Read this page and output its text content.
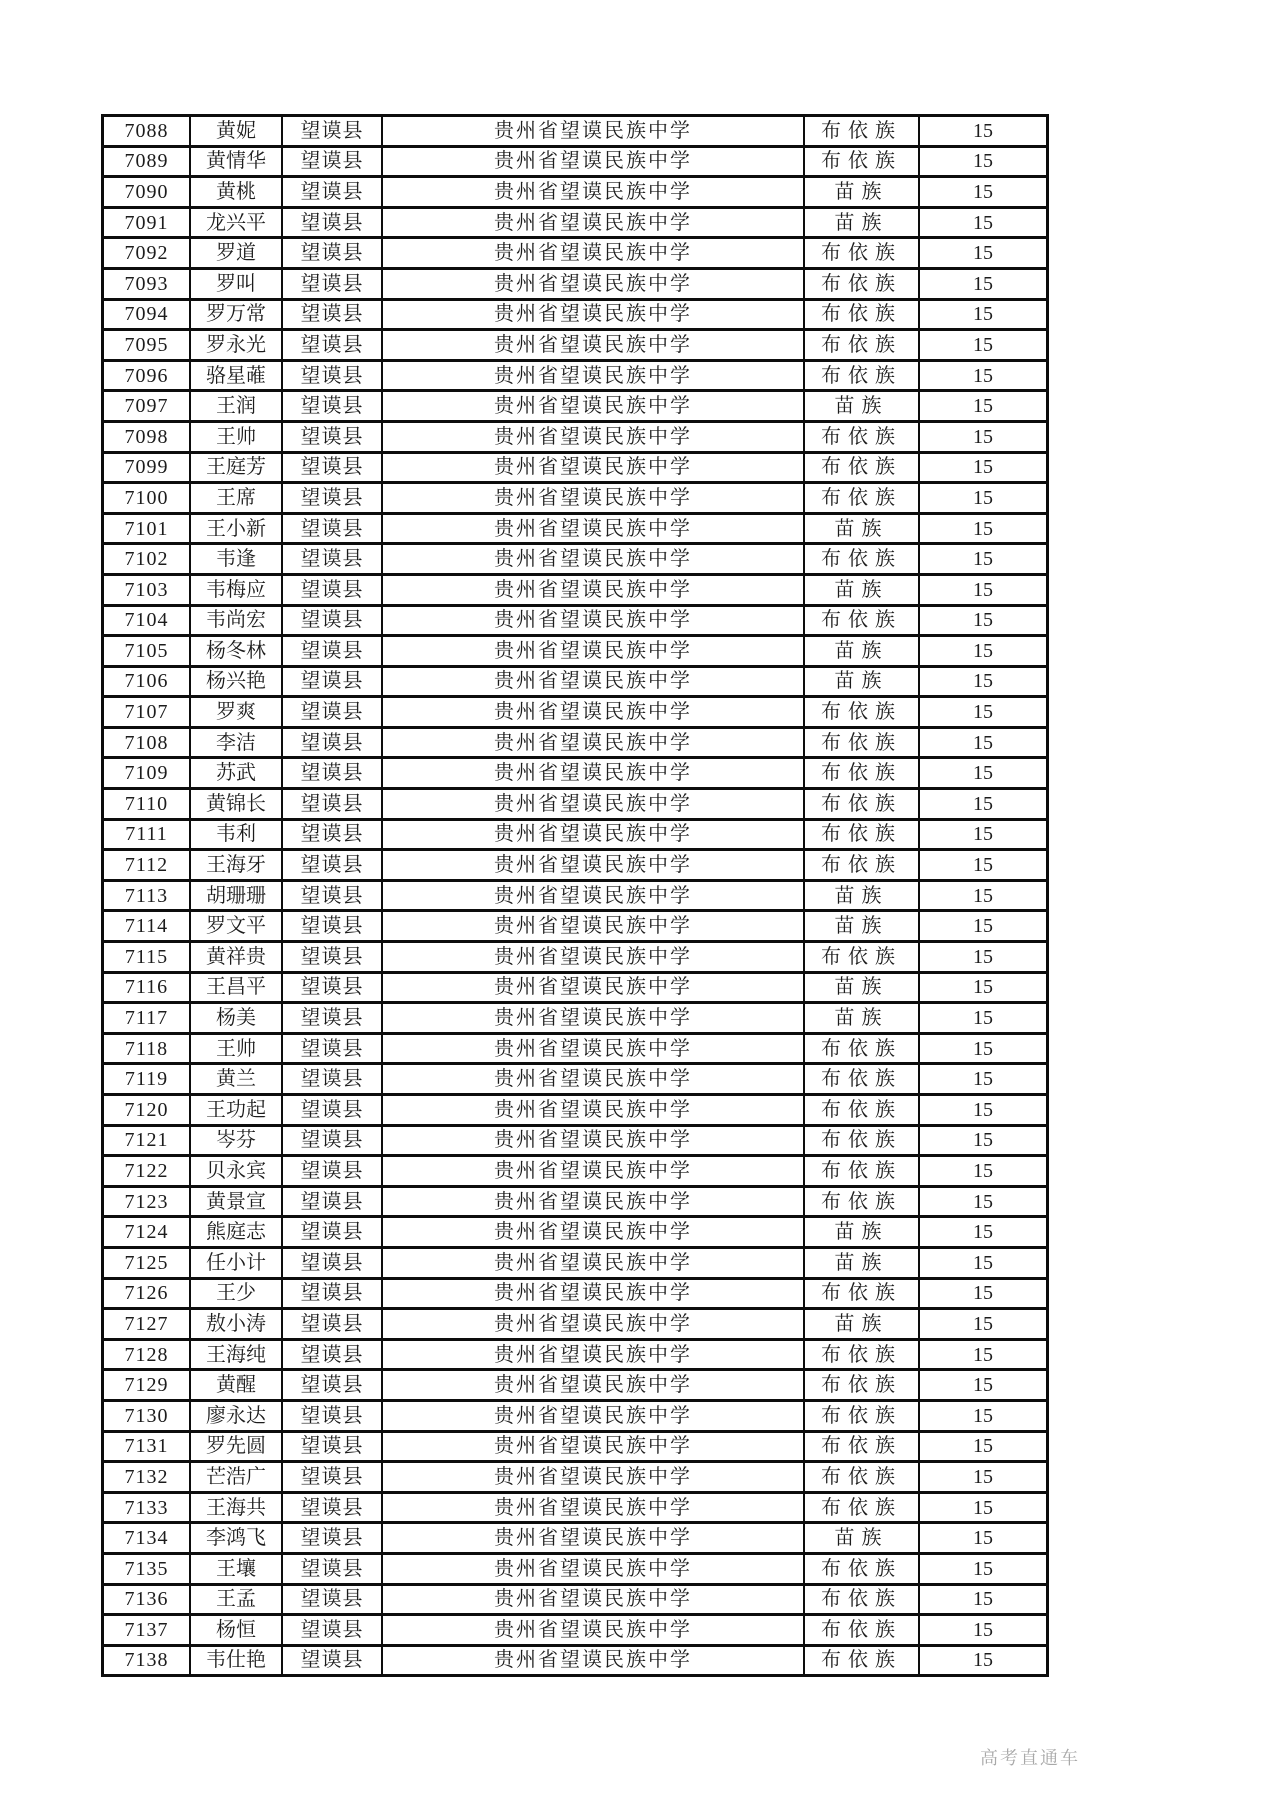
7088	黄妮	望谟县	贵州省望谟民族中学	布依族	15
7089	黄情华	望谟县	贵州省望谟民族中学	布依族	15
7090	黄桃	望谟县	贵州省望谟民族中学	苗族	15
7091	龙兴平	望谟县	贵州省望谟民族中学	苗族	15
7092	罗道	望谟县	贵州省望谟民族中学	布依族	15
7093	罗叫	望谟县	贵州省望谟民族中学	布依族	15
7094	罗万常	望谟县	贵州省望谟民族中学	布依族	15
7095	罗永光	望谟县	贵州省望谟民族中学	布依族	15
7096	骆星蓶	望谟县	贵州省望谟民族中学	布依族	15
7097	王润	望谟县	贵州省望谟民族中学	苗族	15
7098	王帅	望谟县	贵州省望谟民族中学	布依族	15
7099	王庭芳	望谟县	贵州省望谟民族中学	布依族	15
7100	王席	望谟县	贵州省望谟民族中学	布依族	15
7101	王小新	望谟县	贵州省望谟民族中学	苗族	15
7102	韦逢	望谟县	贵州省望谟民族中学	布依族	15
7103	韦梅应	望谟县	贵州省望谟民族中学	苗族	15
7104	韦尚宏	望谟县	贵州省望谟民族中学	布依族	15
7105	杨冬林	望谟县	贵州省望谟民族中学	苗族	15
7106	杨兴艳	望谟县	贵州省望谟民族中学	苗族	15
7107	罗爽	望谟县	贵州省望谟民族中学	布依族	15
7108	李洁	望谟县	贵州省望谟民族中学	布依族	15
7109	苏武	望谟县	贵州省望谟民族中学	布依族	15
7110	黄锦长	望谟县	贵州省望谟民族中学	布依族	15
7111	韦利	望谟县	贵州省望谟民族中学	布依族	15
7112	王海牙	望谟县	贵州省望谟民族中学	布依族	15
7113	胡珊珊	望谟县	贵州省望谟民族中学	苗族	15
7114	罗文平	望谟县	贵州省望谟民族中学	苗族	15
7115	黄祥贵	望谟县	贵州省望谟民族中学	布依族	15
7116	王昌平	望谟县	贵州省望谟民族中学	苗族	15
7117	杨美	望谟县	贵州省望谟民族中学	苗族	15
7118	王帅	望谟县	贵州省望谟民族中学	布依族	15
7119	黄兰	望谟县	贵州省望谟民族中学	布依族	15
7120	王功起	望谟县	贵州省望谟民族中学	布依族	15
7121	岑芬	望谟县	贵州省望谟民族中学	布依族	15
7122	贝永宾	望谟县	贵州省望谟民族中学	布依族	15
7123	黄景宣	望谟县	贵州省望谟民族中学	布依族	15
7124	熊庭志	望谟县	贵州省望谟民族中学	苗族	15
7125	任小计	望谟县	贵州省望谟民族中学	苗族	15
7126	王少	望谟县	贵州省望谟民族中学	布依族	15
7127	敖小涛	望谟县	贵州省望谟民族中学	苗族	15
7128	王海纯	望谟县	贵州省望谟民族中学	布依族	15
7129	黄醒	望谟县	贵州省望谟民族中学	布依族	15
7130	廖永达	望谟县	贵州省望谟民族中学	布依族	15
7131	罗先圆	望谟县	贵州省望谟民族中学	布依族	15
7132	芒浩广	望谟县	贵州省望谟民族中学	布依族	15
7133	王海共	望谟县	贵州省望谟民族中学	布依族	15
7134	李鸿飞	望谟县	贵州省望谟民族中学	苗族	15
7135	王壤	望谟县	贵州省望谟民族中学	布依族	15
7136	王孟	望谟县	贵州省望谟民族中学	布依族	15
7137	杨恒	望谟县	贵州省望谟民族中学	布依族	15
7138	韦仕艳	望谟县	贵州省望谟民族中学	布依族	15
高考直通车
